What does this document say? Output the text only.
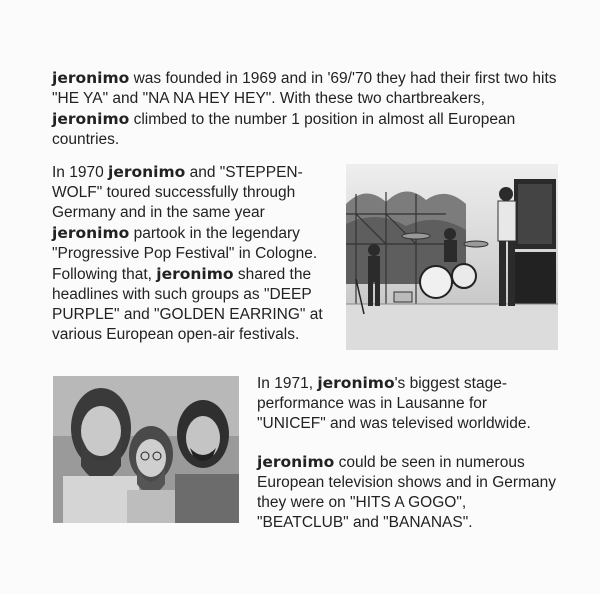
jeronimo was founded in 1969 and in '69/'70 they had their first two hits "HE YA" and "NA NA HEY HEY". With these two chartbreakers, jeronimo climbed to the number 1 position in almost all European countries.

In 1970 jeronimo and "STEPPEN-WOLF" toured successfully through Germany and in the same year jeronimo partook in the legendary "Progressive Pop Festival" in Cologne. Following that, jeronimo shared the headlines with such groups as "DEEP PURPLE" and "GOLDEN EARRING" at various European open-air festivals.

In 1971, jeronimo's biggest stage-performance was in Lausanne for "UNICEF" and was televised worldwide.

jeronimo could be seen in numerous European television shows and in Germany they were on "HITS A GOGO", "BEATCLUB" and "BANANAS".
